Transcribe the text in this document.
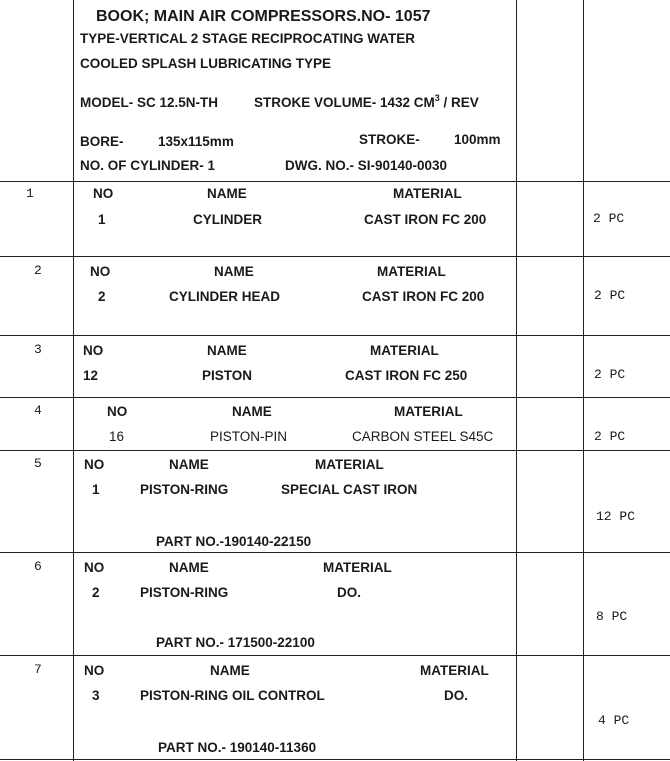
BOOK; MAIN AIR COMPRESSOR S.NO- 1057
TYPE-VERTICAL 2 STAGE RECIPROCATING WATER
COOLED SPLASH LUBRICATING TYPE
MODEL- SC 12.5N-TH	STROKE VOLUME- 1432 $CM^3$ / REV
BORE-	135x115mm	STROKE-	100mm
NO. OF CYLINDER- 1	DWG. NO.- SI-90140-0030
1	NO	NAME	MATERIAL
1	CYLINDER	CAST IRON FC 200	2 PC
2	NO	NAME	MATERIAL
2	CYLINDER HEAD	CAST IRON FC 200	2 PC
3	NO	NAME	MATERIAL
12	PISTON	CAST IRON FC 250	2 PC
4	NO	NAME	MATERIAL
16	PISTON-PIN	CARBON STEEL S45C	2 PC
5	NO	NAME	MATERIAL
1	PISTON-RING	SPECIAL CAST IRON
PART NO.-190140-22150
12 PC
6	NO	NAME	MATERIAL
2	PISTON-RING	DO.
PART NO.- 171500-22100
8 PC
7	NO	NAME	MATERIAL
3	PISTON-RING OIL CONTROL	DO.
PART NO.- 190140-11360
4 PC
